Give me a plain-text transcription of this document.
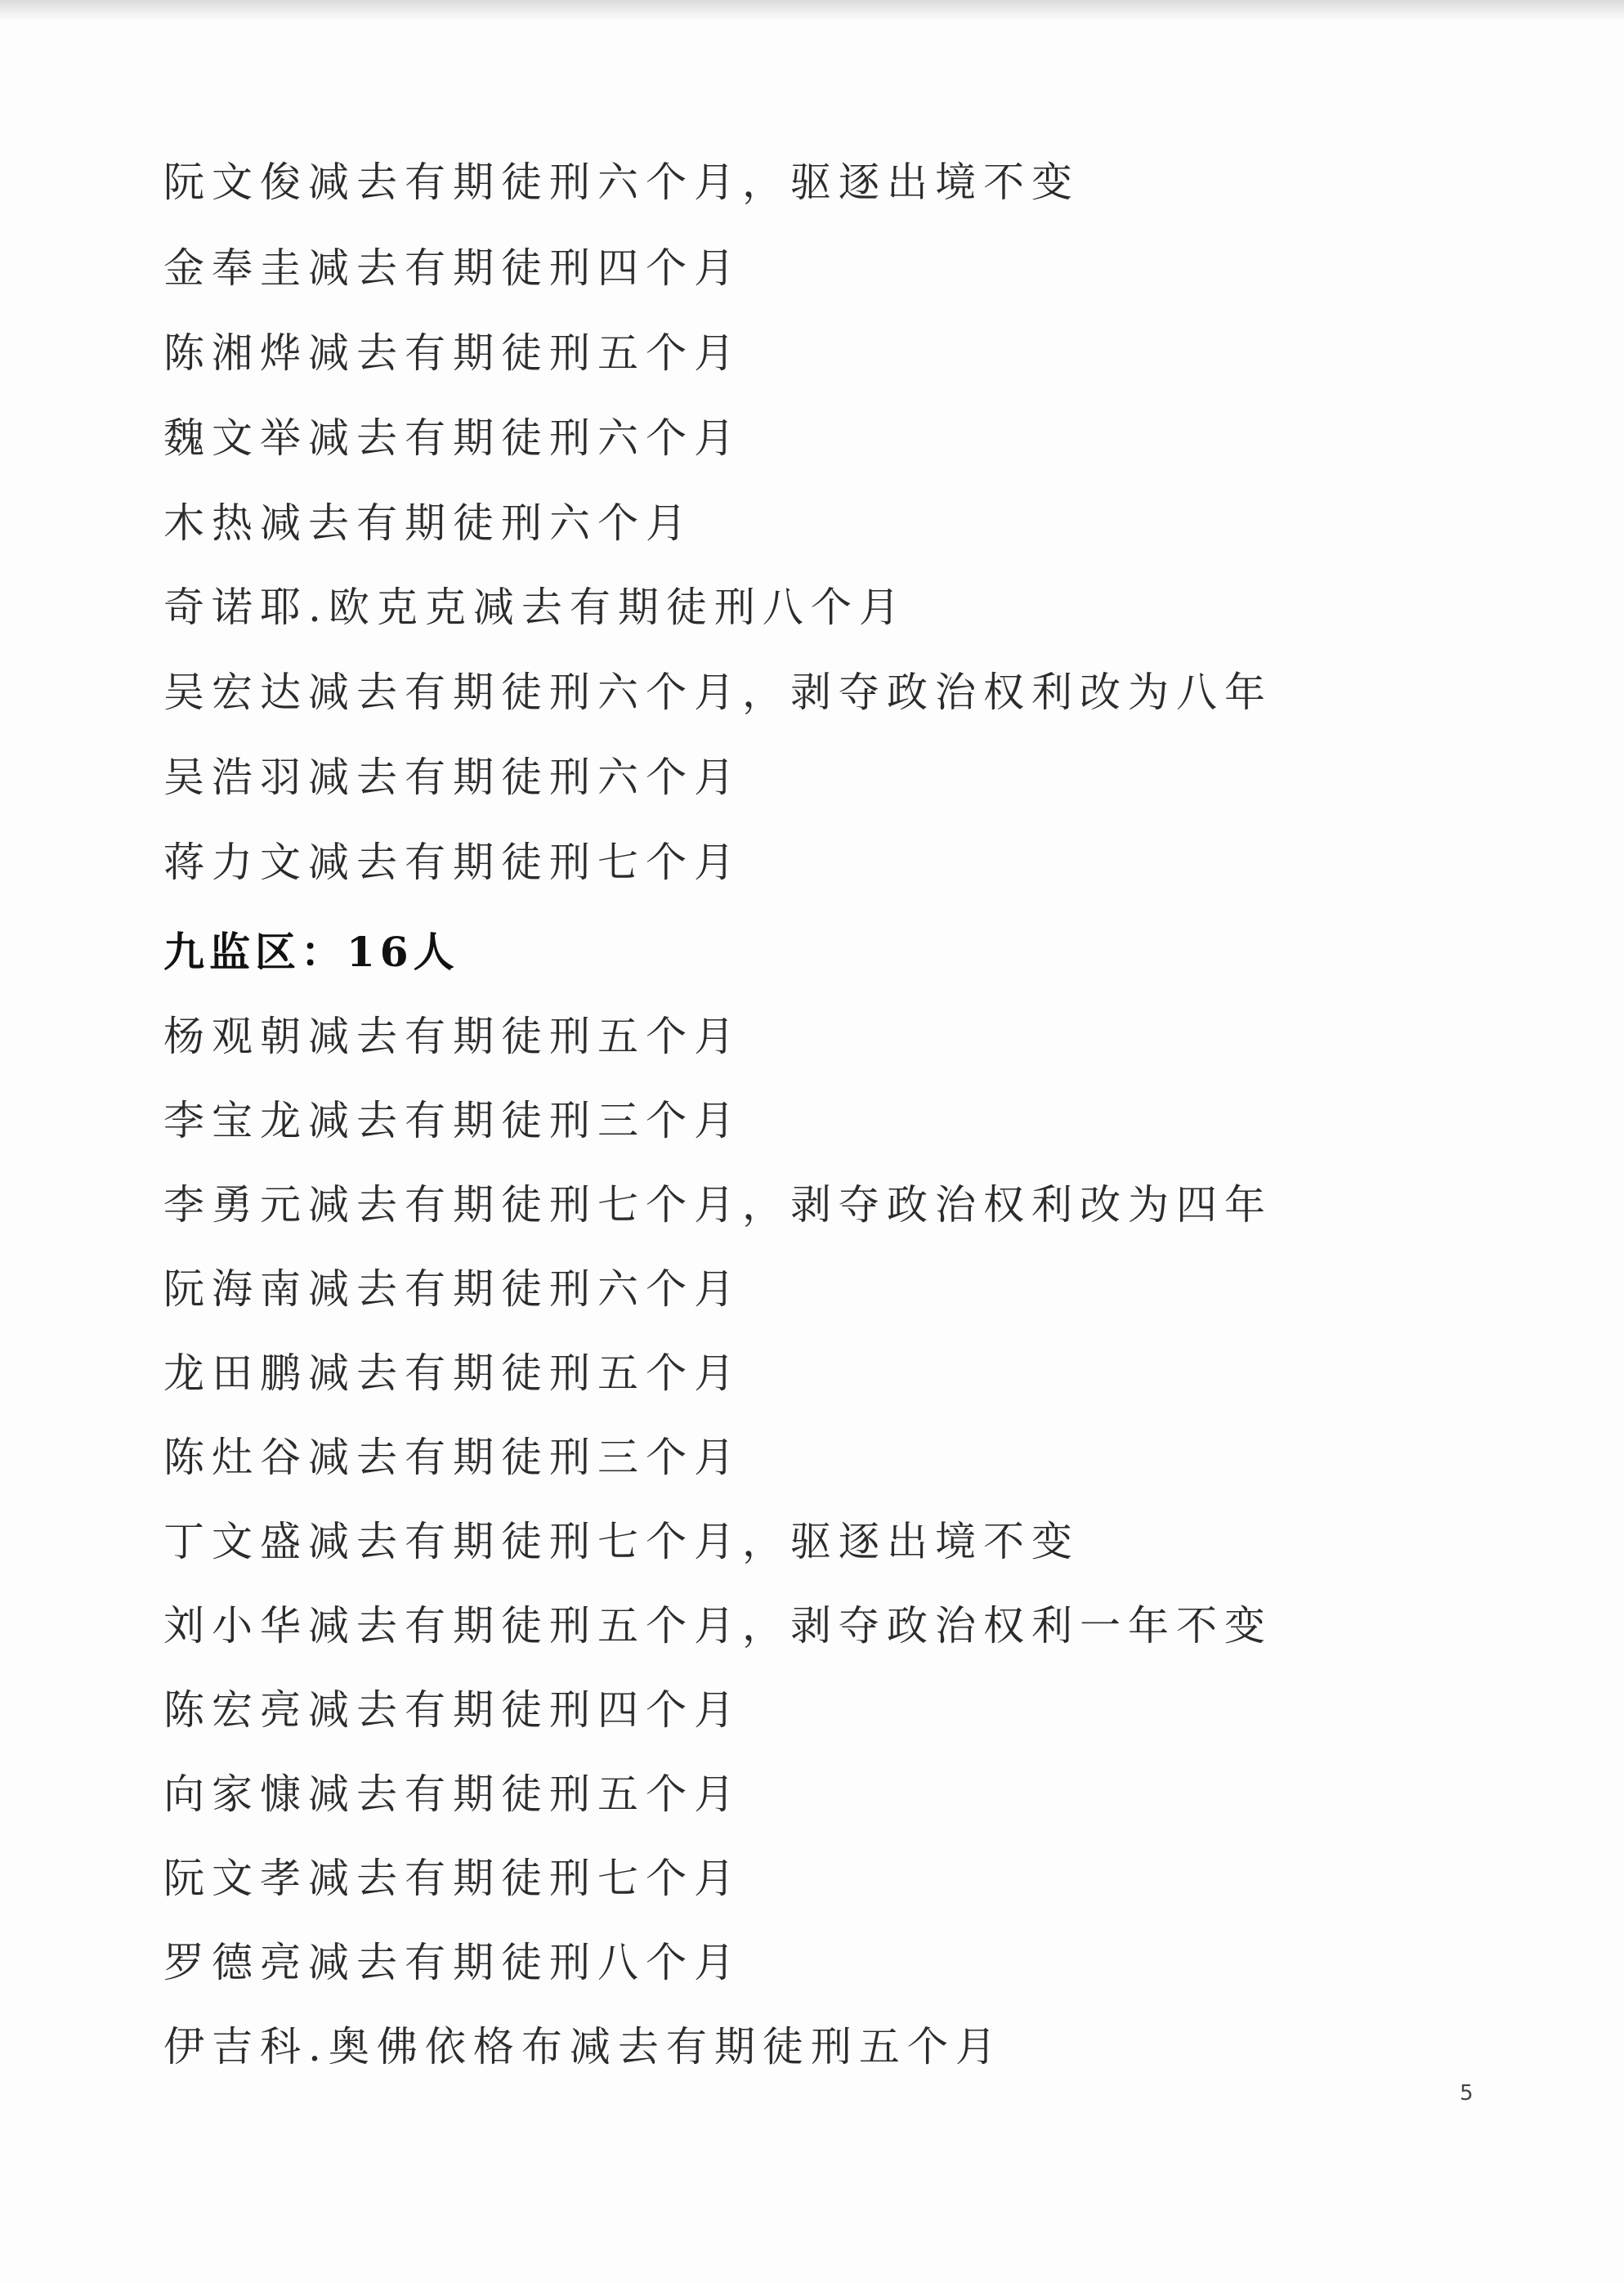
阮文俊减去有期徒刑六个月，驱逐出境不变
金奉圭减去有期徒刑四个月
陈湘烨减去有期徒刑五个月
魏文举减去有期徒刑六个月
木热减去有期徒刑六个月
奇诺耶.欧克克减去有期徒刑八个月
吴宏达减去有期徒刑六个月，剥夺政治权利改为八年
吴浩羽减去有期徒刑六个月
蒋力文减去有期徒刑七个月
九监区：16人
杨观朝减去有期徒刑五个月
李宝龙减去有期徒刑三个月
李勇元减去有期徒刑七个月，剥夺政治权利改为四年
阮海南减去有期徒刑六个月
龙田鹏减去有期徒刑五个月
陈灶谷减去有期徒刑三个月
丁文盛减去有期徒刑七个月，驱逐出境不变
刘小华减去有期徒刑五个月，剥夺政治权利一年不变
陈宏亮减去有期徒刑四个月
向家慷减去有期徒刑五个月
阮文孝减去有期徒刑七个月
罗德亮减去有期徒刑八个月
伊吉科.奥佛依格布减去有期徒刑五个月
5
